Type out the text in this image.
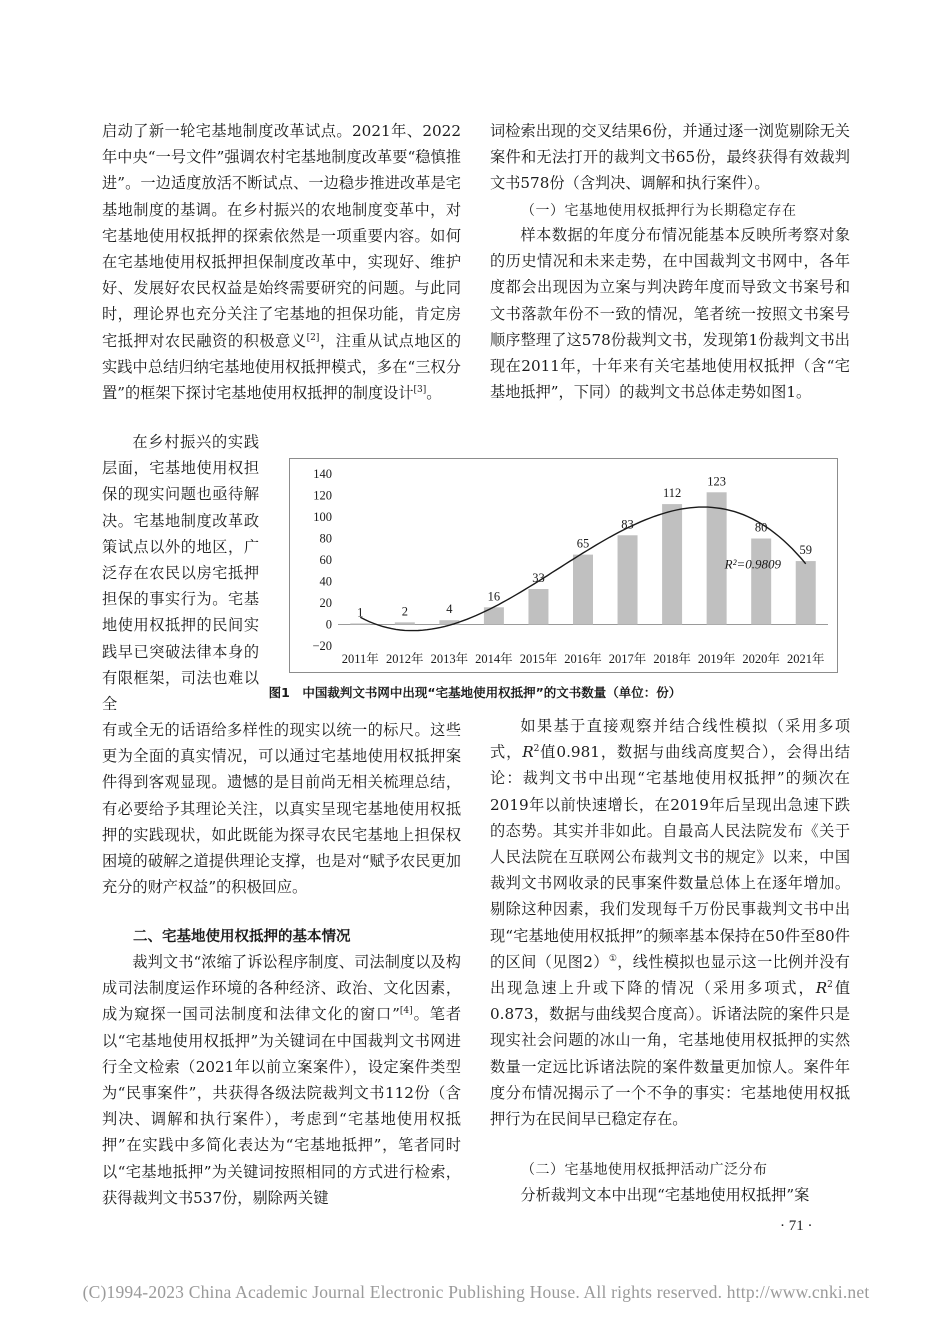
启动了新一轮宅基地制度改革试点。2021年、2022年中央“一号文件”强调农村宅基地制度改革要“稳慎推进”。一边适度放活不断试点、一边稳步推进改革是宅基地制度的基调。在乡村振兴的农地制度变革中，对宅基地使用权抵押的探索依然是一项重要内容。如何在宅基地使用权抵押担保制度改革中，实现好、维护好、发展好农民权益是始终需要研究的问题。与此同时，理论界也充分关注了宅基地的担保功能，肯定房宅抵押对农民融资的积极意义[2]，注重从试点地区的实践中总结归纳宅基地使用权抵押模式，多在“三权分置”的框架下探讨宅基地使用权抵押的制度设计[3]。

在乡村振兴的实践层面，宅基地使用权担保的现实问题也亟待解决。宅基地制度改革政策试点以外的地区，广泛存在农民以房宅抵押担保的事实行为。宅基地使用权抵押的民间实践早已突破法律本身的有限框架，司法也难以全

有或全无的话语给多样性的现实以统一的标尺。这些更为全面的真实情况，可以通过宅基地使用权抵押案件得到客观显现。遗憾的是目前尚无相关梳理总结，有必要给予其理论关注，以真实呈现宅基地使用权抵押的实践现状，如此既能为探寻农民宅基地上担保权困境的破解之道提供理论支撑，也是对“赋予农民更加充分的财产权益”的积极回应。

二、宅基地使用权抵押的基本情况

裁判文书“浓缩了诉讼程序制度、司法制度以及构成司法制度运作环境的各种经济、政治、文化因素，成为窥探一国司法制度和法律文化的窗口”[4]。笔者以“宅基地使用权抵押”为关键词在中国裁判文书网进行全文检索（2021年以前立案案件），设定案件类型为“民事案件”，共获得各级法院裁判文书112份（含判决、调解和执行案件），考虑到“宅基地使用权抵押”在实践中多简化表达为“宅基地抵押”，笔者同时以“宅基地抵押”为关键词按照相同的方式进行检索，获得裁判文书537份，剔除两关键

词检索出现的交叉结果6份，并通过逐一浏览剔除无关案件和无法打开的裁判文书65份，最终获得有效裁判文书578份（含判决、调解和执行案件）。

（一）宅基地使用权抵押行为长期稳定存在

样本数据的年度分布情况能基本反映所考察对象的历史情况和未来走势，在中国裁判文书网中，各年度都会出现因为立案与判决跨年度而导致文书案号和文书落款年份不一致的情况，笔者统一按照文书案号顺序整理了这578份裁判文书，发现第1份裁判文书出现在2011年，十年来有关宅基地使用权抵押（含“宅基地抵押”，下同）的裁判文书总体走势如图1。

如果基于直接观察并结合线性模拟（采用多项式，$R^2$值0.981，数据与曲线高度契合），会得出结论：裁判文书中出现“宅基地使用权抵押”的频次在2019年以前快速增长，在2019年后呈现出急速下跌的态势。其实并非如此。自最高人民法院发布《关于人民法院在互联网公布裁判文书的规定》以来，中国裁判文书网收录的民事案件数量总体上在逐年增加。剔除这种因素，我们发现每千万份民事裁判文书中出现“宅基地使用权抵押”的频率基本保持在50件至80件的区间（见图2）①，线性模拟也显示这一比例并没有出现急速上升或下降的情况（采用多项式，$R^2$值0.873，数据与曲线契合度高）。诉诸法院的案件只是现实社会问题的冰山一角，宅基地使用权抵押的实然数量一定远比诉诸法院的案件数量更加惊人。案件年度分布情况揭示了一个不争的事实：宅基地使用权抵押行为在民间早已稳定存在。

（二）宅基地使用权抵押活动广泛分布

分析裁判文本中出现“宅基地使用权抵押”案

140
120
100
80
60
40
20
0
−20
1	2	4
16
33
65
83
112
123
80
59
2011年 2012年 2013年 2014年 2015年 2016年 2017年 2018年 2019年 2020年 2021年
R²=0.9809
图1　中国裁判文书网中出现“宅基地使用权抵押”的文书数量（单位：份）
· 71 ·
(C)1994-2023 China Academic Journal Electronic Publishing House. All rights reserved. http://www.cnki.net
